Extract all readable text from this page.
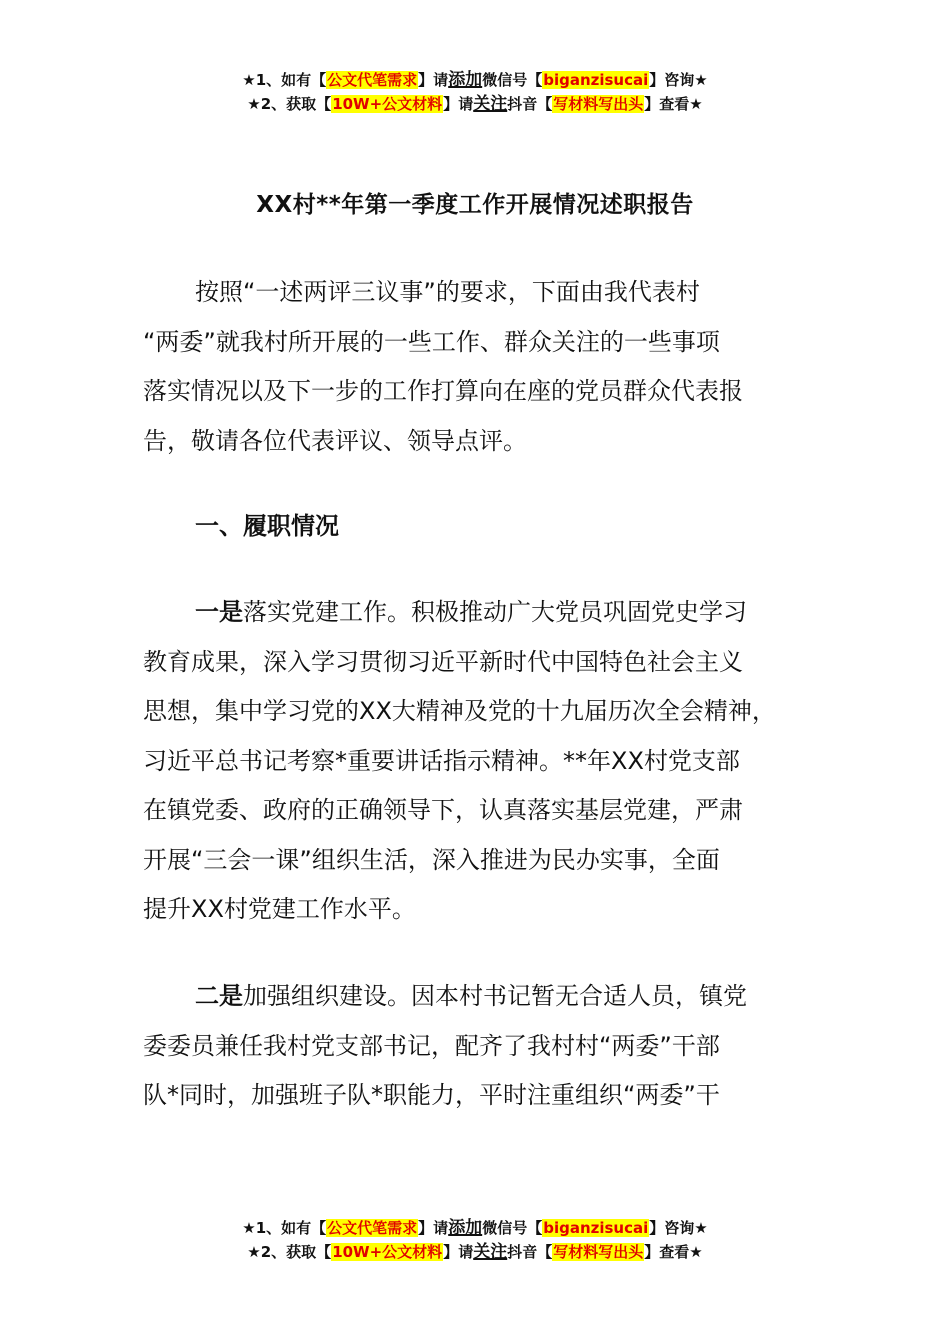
★1、如有【公文代笔需求】请添加微信号【biganzisucai】咨询★
★2、获取【10W+公文材料】请关注抖音【写材料写出头】查看★
XX村**年第一季度工作开展情况述职报告
按照“一述两评三议事”的要求，下面由我代表村
“两委”就我村所开展的一些工作、群众关注的一些事项
落实情况以及下一步的工作打算向在座的党员群众代表报
告，敬请各位代表评议、领导点评。
一、履职情况
一是落实党建工作。积极推动广大党员巩固党史学习
教育成果，深入学习贯彻习近平新时代中国特色社会主义
思想，集中学习党的XX大精神及党的十九届历次全会精神，
习近平总书记考察*重要讲话指示精神。**年XX村党支部
在镇党委、政府的正确领导下，认真落实基层党建，严肃
开展“三会一课”组织生活，深入推进为民办实事，全面
提升XX村党建工作水平。
二是加强组织建设。因本村书记暂无合适人员，镇党
委委员兼任我村党支部书记，配齐了我村村“两委”干部
队*同时，加强班子队*职能力，平时注重组织“两委”干
★1、如有【公文代笔需求】请添加微信号【biganzisucai】咨询★
★2、获取【10W+公文材料】请关注抖音【写材料写出头】查看★
